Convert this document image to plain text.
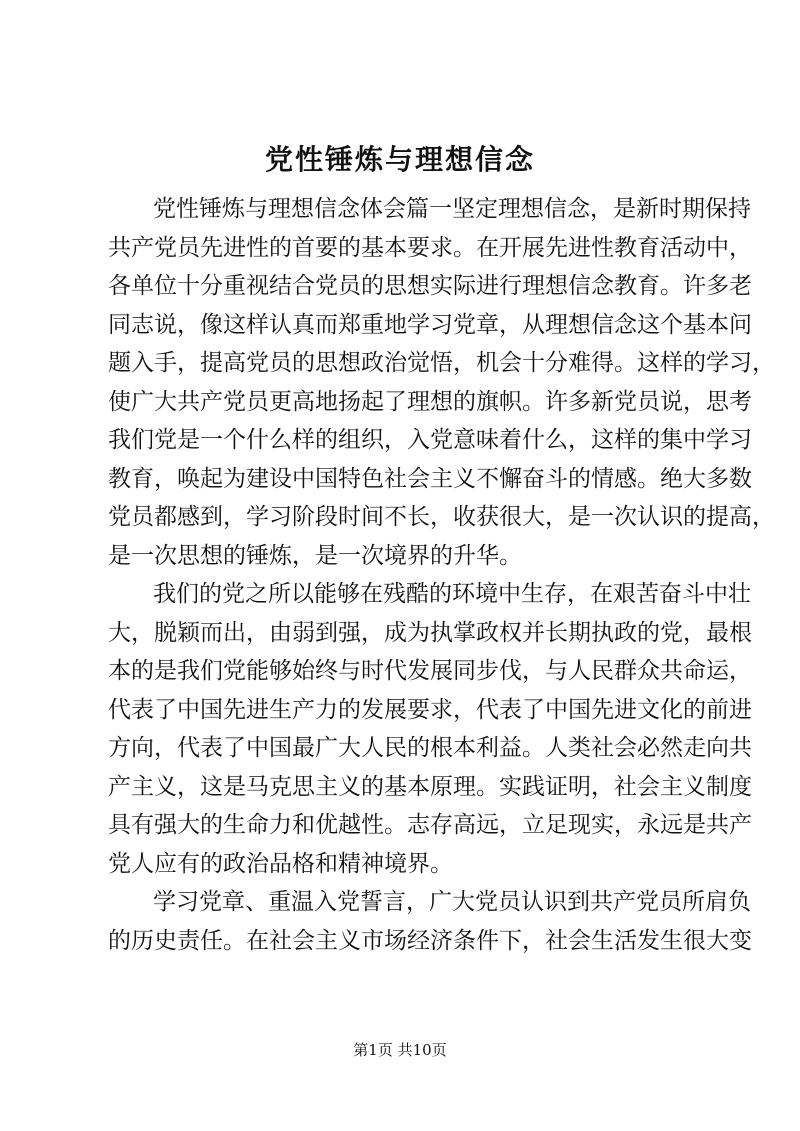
党性锤炼与理想信念
党性锤炼与理想信念体会篇一坚定理想信念，是新时期保持
共产党员先进性的首要的基本要求。在开展先进性教育活动中，
各单位十分重视结合党员的思想实际进行理想信念教育。许多老
同志说，像这样认真而郑重地学习党章，从理想信念这个基本问
题入手，提高党员的思想政治觉悟，机会十分难得。这样的学习，
使广大共产党员更高地扬起了理想的旗帜。许多新党员说，思考
我们党是一个什么样的组织，入党意味着什么，这样的集中学习
教育，唤起为建设中国特色社会主义不懈奋斗的情感。绝大多数
党员都感到，学习阶段时间不长，收获很大，是一次认识的提高，
是一次思想的锤炼，是一次境界的升华。
我们的党之所以能够在残酷的环境中生存，在艰苦奋斗中壮
大，脱颖而出，由弱到强，成为执掌政权并长期执政的党，最根
本的是我们党能够始终与时代发展同步伐，与人民群众共命运，
代表了中国先进生产力的发展要求，代表了中国先进文化的前进
方向，代表了中国最广大人民的根本利益。人类社会必然走向共
产主义，这是马克思主义的基本原理。实践证明，社会主义制度
具有强大的生命力和优越性。志存高远，立足现实，永远是共产
党人应有的政治品格和精神境界。
学习党章、重温入党誓言，广大党员认识到共产党员所肩负
的历史责任。在社会主义市场经济条件下，社会生活发生很大变
第1页 共10页
